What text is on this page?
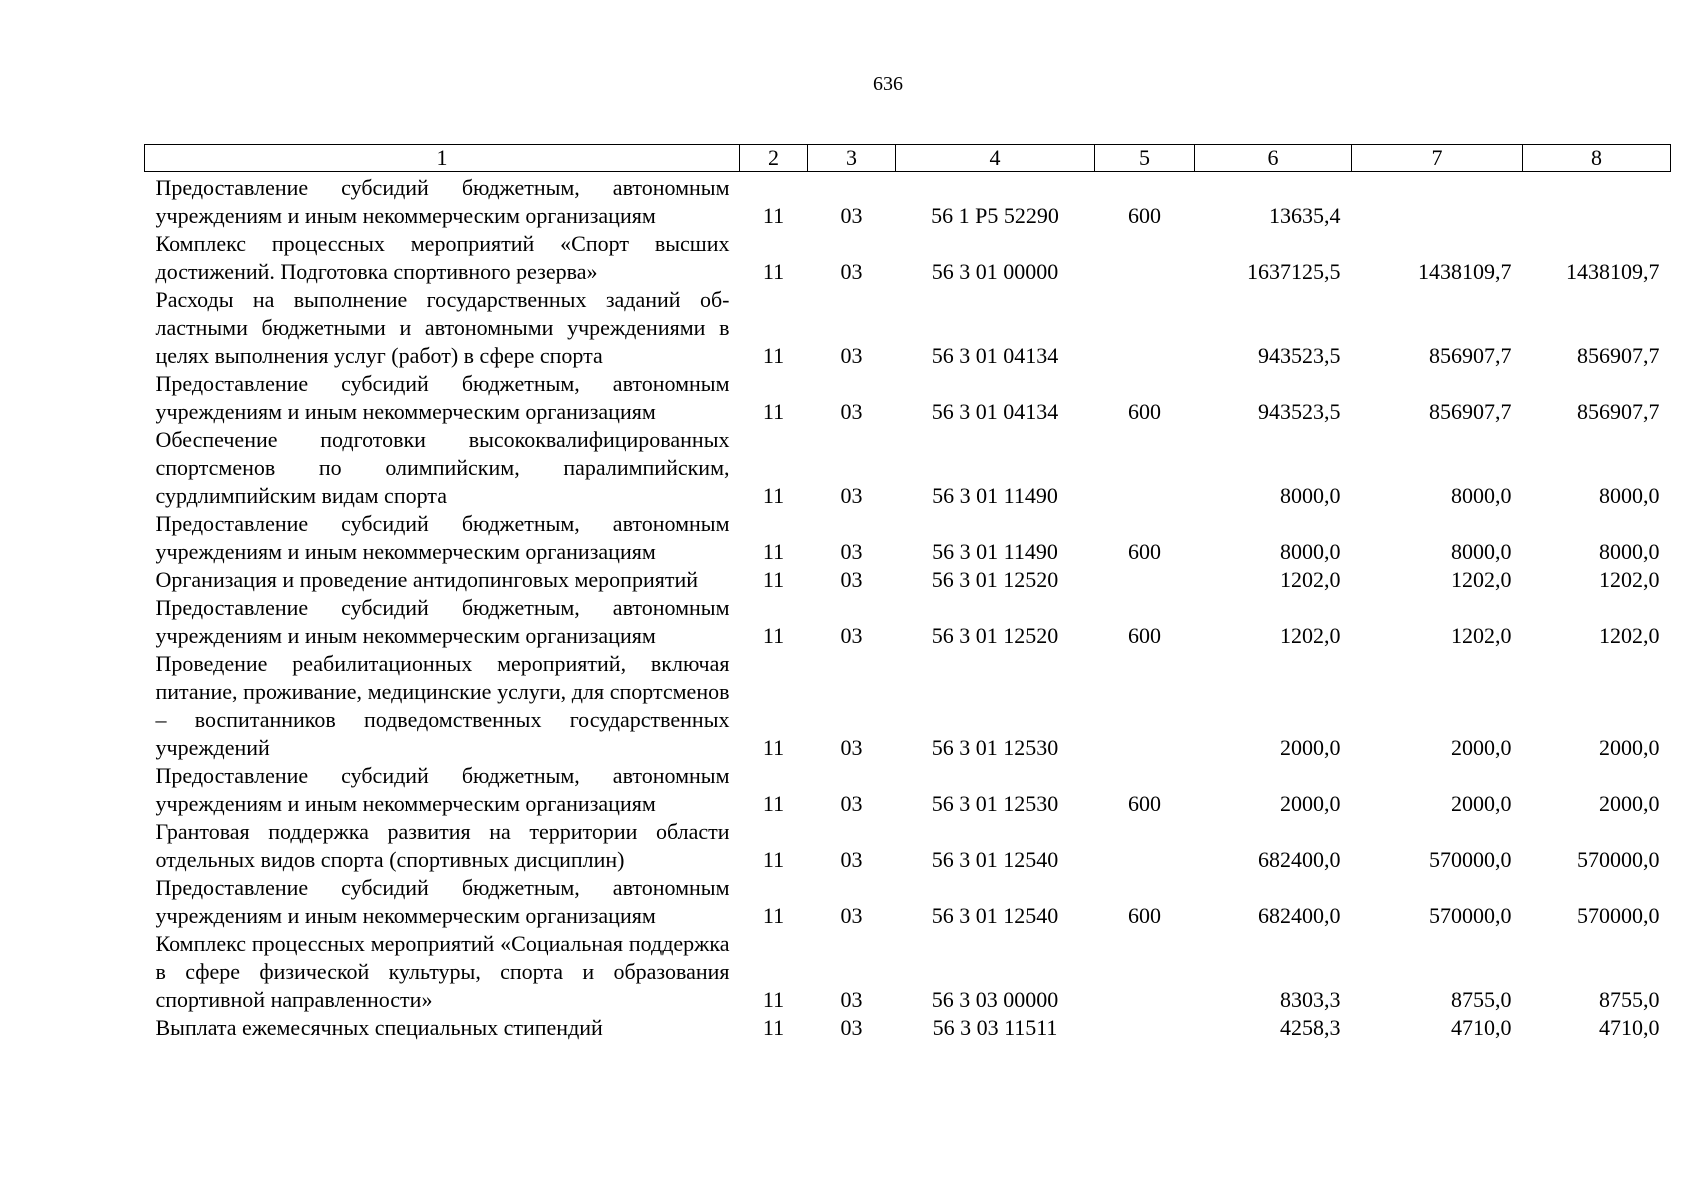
636
1	2	3	4	5	6	7	8
Предоставление субсидий бюджетным, автономным учреждениям и иным некоммерческим организациям	11	03	56 1 Р5 52290	600	13635,4		
Комплекс процессных мероприятий «Спорт высших достижений. Подготовка спортивного резерва»	11	03	56 3 01 00000		1637125,5	1438109,7	1438109,7
Расходы на выполнение государственных заданий областными бюджетными и автономными учреждениями в целях выполнения услуг (работ) в сфере спорта	11	03	56 3 01 04134		943523,5	856907,7	856907,7
Предоставление субсидий бюджетным, автономным учреждениям и иным некоммерческим организациям	11	03	56 3 01 04134	600	943523,5	856907,7	856907,7
Обеспечение подготовки высококвалифицированных спортсменов по олимпийским, паралимпийским, сурдлимпийским видам спорта	11	03	56 3 01 11490		8000,0	8000,0	8000,0
Предоставление субсидий бюджетным, автономным учреждениям и иным некоммерческим организациям	11	03	56 3 01 11490	600	8000,0	8000,0	8000,0
Организация и проведение антидопинговых мероприятий	11	03	56 3 01 12520		1202,0	1202,0	1202,0
Предоставление субсидий бюджетным, автономным учреждениям и иным некоммерческим организациям	11	03	56 3 01 12520	600	1202,0	1202,0	1202,0
Проведение реабилитационных мероприятий, включая питание, проживание, медицинские услуги, для спортсменов – воспитанников подведомственных государственных учреждений	11	03	56 3 01 12530		2000,0	2000,0	2000,0
Предоставление субсидий бюджетным, автономным учреждениям и иным некоммерческим организациям	11	03	56 3 01 12530	600	2000,0	2000,0	2000,0
Грантовая поддержка развития на территории области отдельных видов спорта (спортивных дисциплин)	11	03	56 3 01 12540		682400,0	570000,0	570000,0
Предоставление субсидий бюджетным, автономным учреждениям и иным некоммерческим организациям	11	03	56 3 01 12540	600	682400,0	570000,0	570000,0
Комплекс процессных мероприятий «Социальная поддержка в сфере физической культуры, спорта и образования спортивной направленности»	11	03	56 3 03 00000		8303,3	8755,0	8755,0
Выплата ежемесячных специальных стипендий	11	03	56 3 03 11511		4258,3	4710,0	4710,0
